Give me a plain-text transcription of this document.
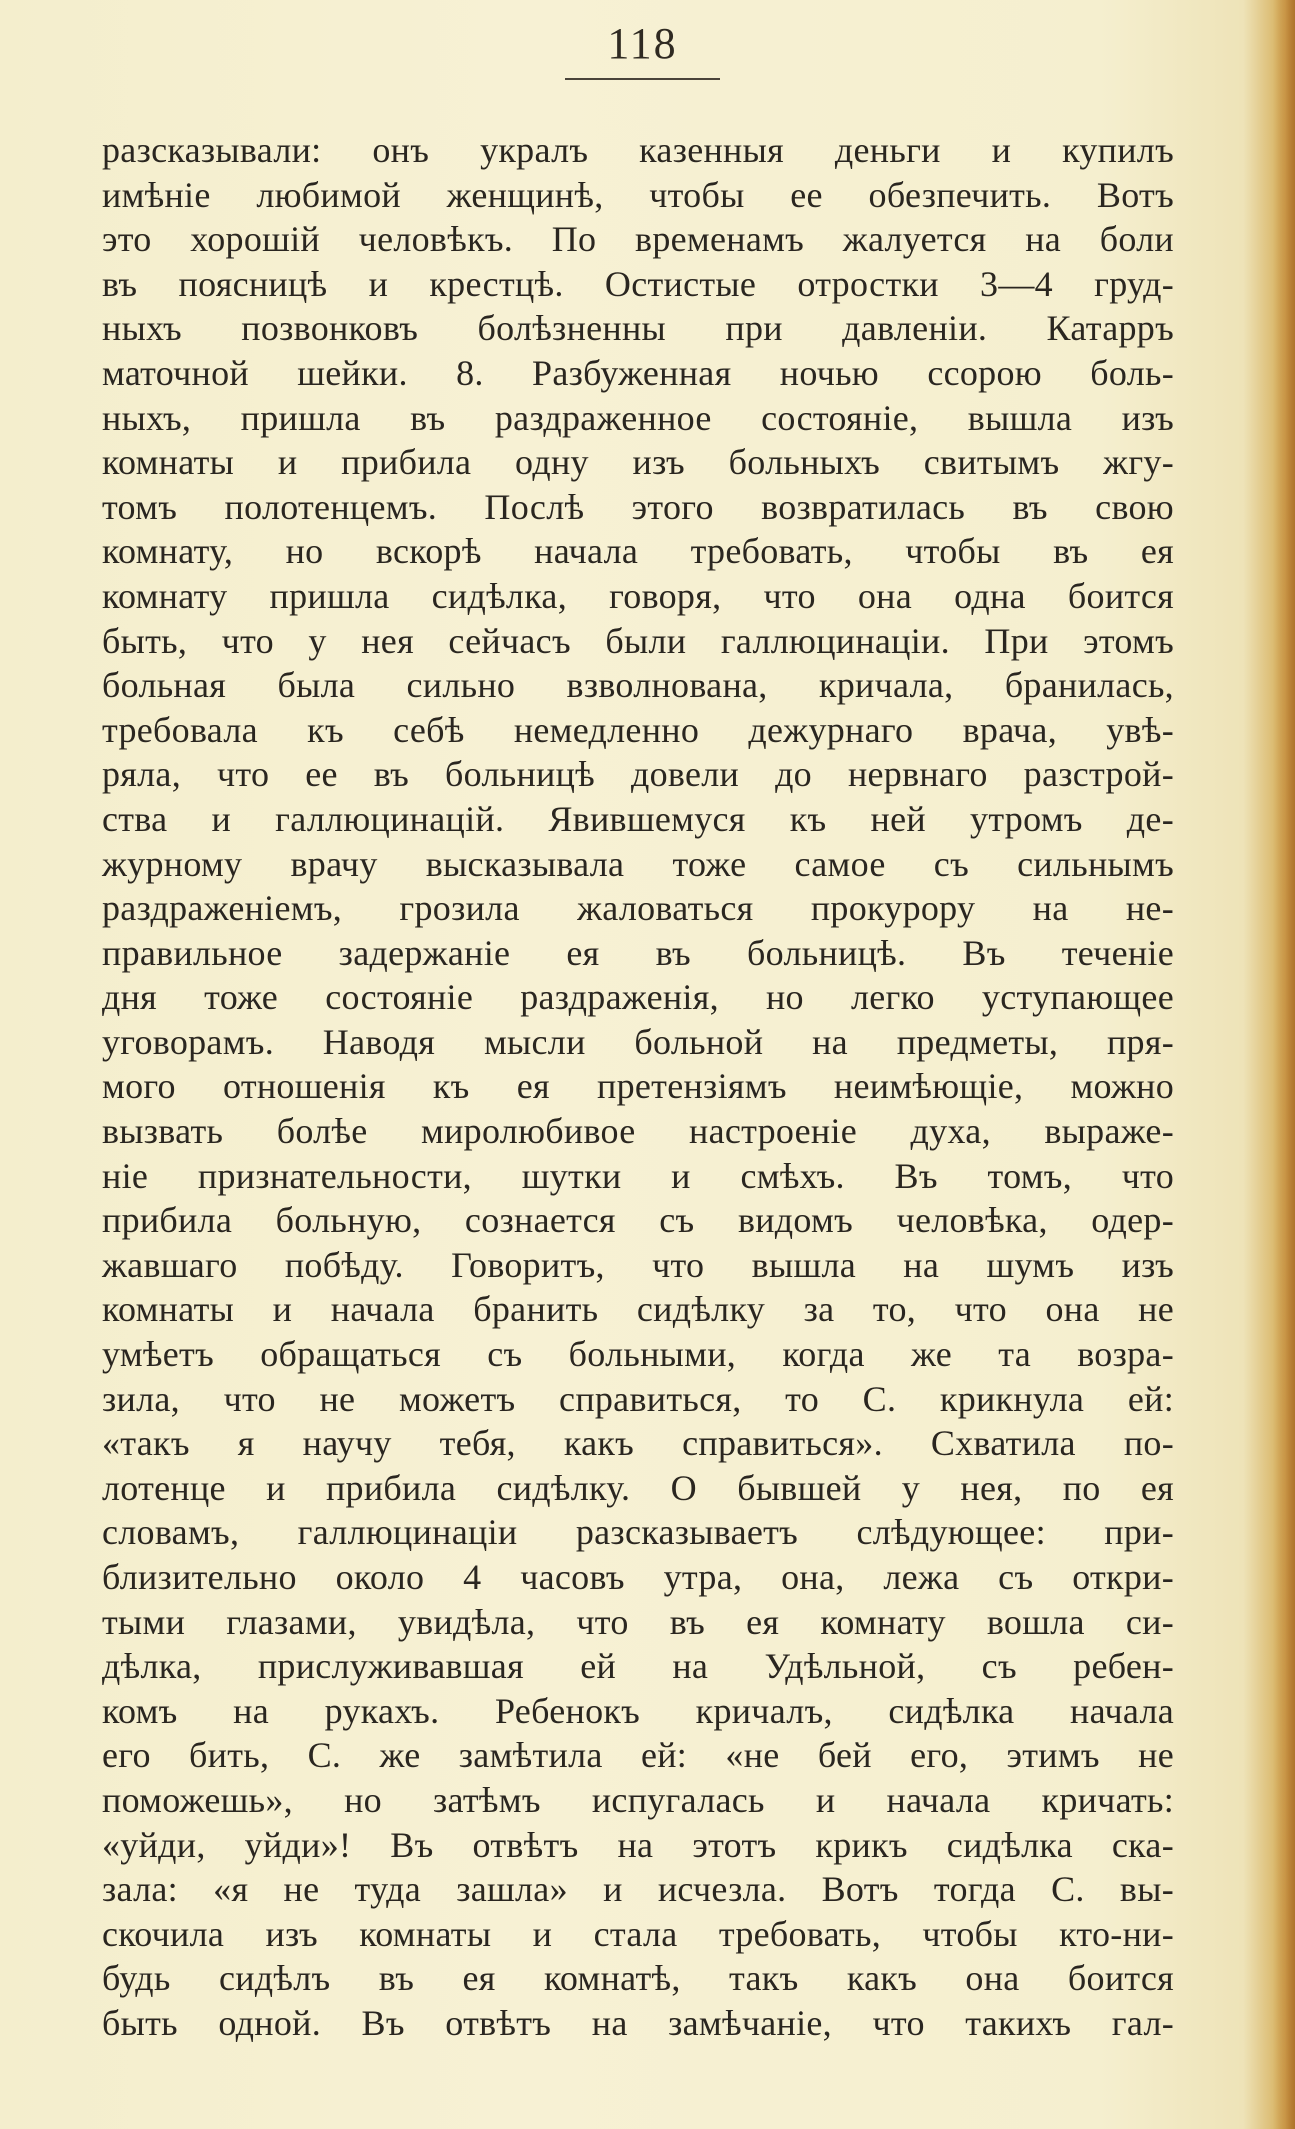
118
разсказывали: онъ укралъ казенныя деньги и купилъ
имѣніе любимой женщинѣ, чтобы ее обезпечить. Вотъ
это хорошій человѣкъ. По временамъ жалуется на боли
въ поясницѣ и крестцѣ. Остистые отростки 3—4 груд-
ныхъ позвонковъ болѣзненны при давленіи. Катарръ
маточной шейки. 8. Разбуженная ночью ссорою боль-
ныхъ, пришла въ раздраженное состояніе, вышла изъ
комнаты и прибила одну изъ больныхъ свитымъ жгу-
томъ полотенцемъ. Послѣ этого возвратилась въ свою
комнату, но вскорѣ начала требовать, чтобы въ ея
комнату пришла сидѣлка, говоря, что она одна боится
быть, что у нея сейчасъ были галлюцинаціи. При этомъ
больная была сильно взволнована, кричала, бранилась,
требовала къ себѣ немедленно дежурнаго врача, увѣ-
ряла, что ее въ больницѣ довели до нервнаго разстрой-
ства и галлюцинацій. Явившемуся къ ней утромъ де-
журному врачу высказывала тоже самое съ сильнымъ
раздраженіемъ, грозила жаловаться прокурору на не-
правильное задержаніе ея въ больницѣ. Въ теченіе
дня тоже состояніе раздраженія, но легко уступающее
уговорамъ. Наводя мысли больной на предметы, пря-
мого отношенія къ ея претензіямъ неимѣющіе, можно
вызвать болѣе миролюбивое настроеніе духа, выраже-
ніе признательности, шутки и смѣхъ. Въ томъ, что
прибила больную, сознается съ видомъ человѣка, одер-
жавшаго побѣду. Говоритъ, что вышла на шумъ изъ
комнаты и начала бранить сидѣлку за то, что она не
умѣетъ обращаться съ больными, когда же та возра-
зила, что не можетъ справиться, то С. крикнула ей:
«такъ я научу тебя, какъ справиться». Схватила по-
лотенце и прибила сидѣлку. О бывшей у нея, по ея
словамъ, галлюцинаціи разсказываетъ слѣдующее: при-
близительно около 4 часовъ утра, она, лежа съ откри-
тыми глазами, увидѣла, что въ ея комнату вошла си-
дѣлка, прислуживавшая ей на Удѣльной, съ ребен-
комъ на рукахъ. Ребенокъ кричалъ, сидѣлка начала
его бить, С. же замѣтила ей: «не бей его, этимъ не
поможешь», но затѣмъ испугалась и начала кричать:
«уйди, уйди»! Въ отвѣтъ на этотъ крикъ сидѣлка ска-
зала: «я не туда зашла» и исчезла. Вотъ тогда С. вы-
скочила изъ комнаты и стала требовать, чтобы кто-ни-
будь сидѣлъ въ ея комнатѣ, такъ какъ она боится
быть одной. Въ отвѣтъ на замѣчаніе, что такихъ гал-
